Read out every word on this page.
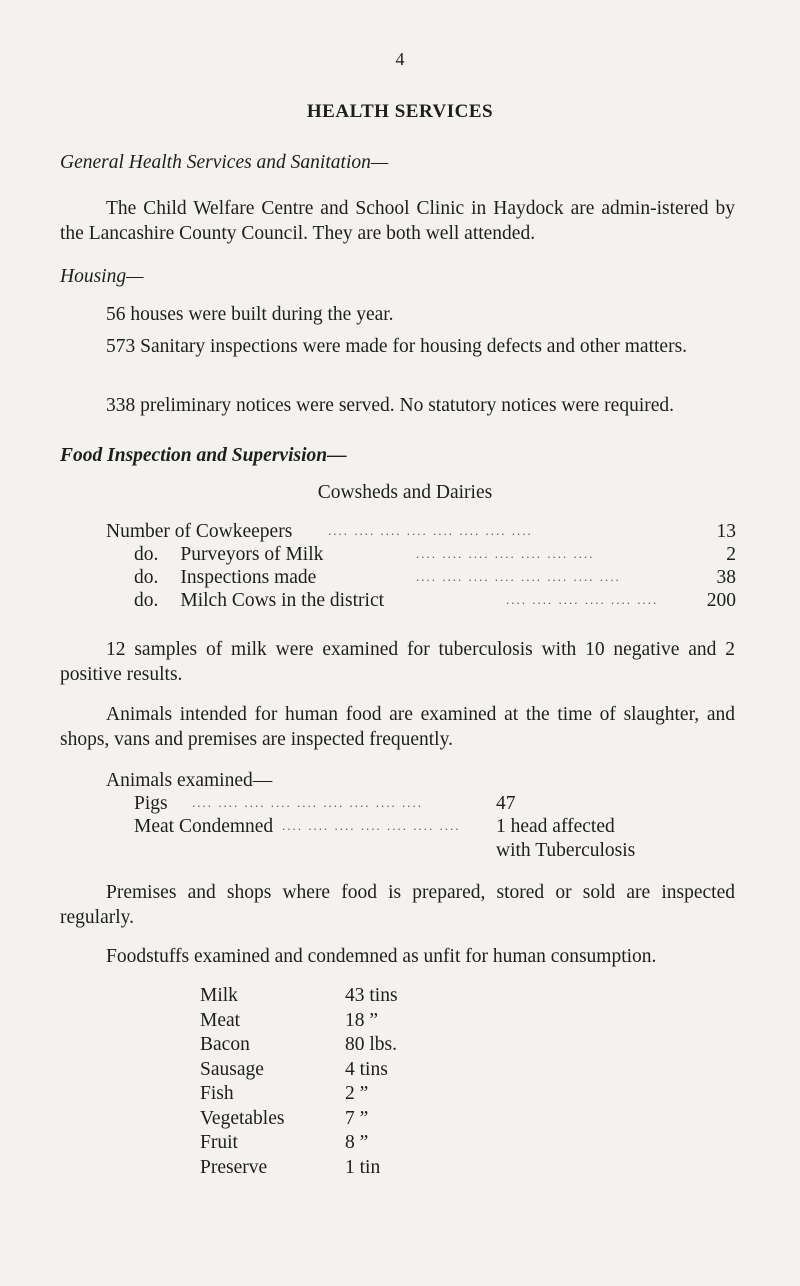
4
HEALTH SERVICES
General Health Services and Sanitation—
The Child Welfare Centre and School Clinic in Haydock are admin-istered by the Lancashire County Council. They are both well attended.
Housing—
56 houses were built during the year.
573 Sanitary inspections were made for housing defects and other matters.
338 preliminary notices were served. No statutory notices were required.
Food Inspection and Supervision—
Cowsheds and Dairies
Number of Cowkeepers	.... .... .... .... .... .... .... ....	13
do. Purveyors of Milk	.... .... .... .... .... .... ....	2
do. Inspections made	.... .... .... .... .... .... .... ....	38
do. Milch Cows in the district	.... .... .... .... .... .... 200
12 samples of milk were examined for tuberculosis with 10 negative and 2 positive results.
Animals intended for human food are examined at the time of slaughter, and shops, vans and premises are inspected frequently.
Animals examined—
Pigs .... .... .... .... .... .... .... .... ....	47
Meat Condemned .... .... .... .... .... .... .... 1 head affected
with Tuberculosis
Premises and shops where food is prepared, stored or sold are inspected regularly.
Foodstuffs examined and condemned as unfit for human consumption.
Milk	43 tins
Meat	18 ”
Bacon	80 lbs.
Sausage	4 tins
Fish	2 ”
Vegetables	7 ”
Fruit	8 ”
Preserve	1 tin
